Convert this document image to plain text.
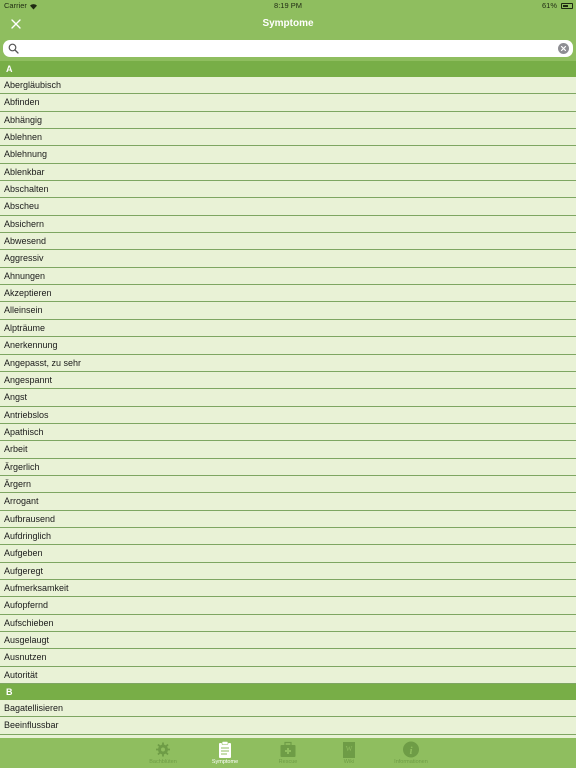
Carrier	8:19 PM	61%
Symptome
A
Abergläubisch
Abfinden
Abhängig
Ablehnen
Ablehnung
Ablenkbar
Abschalten
Abscheu
Absichern
Abwesend
Aggressiv
Ahnungen
Akzeptieren
Alleinsein
Alpträume
Anerkennung
Angepasst, zu sehr
Angespannt
Angst
Antriebslos
Apathisch
Arbeit
Ärgerlich
Ärgern
Arrogant
Aufbrausend
Aufdringlich
Aufgeben
Aufgeregt
Aufmerksamkeit
Aufopfernd
Aufschieben
Ausgelaugt
Ausnutzen
Autorität
B
Bagatellisieren
Beeinflussbar
Bachblüten	Symptome	Rescue
W
Wiki
i
Informationen
